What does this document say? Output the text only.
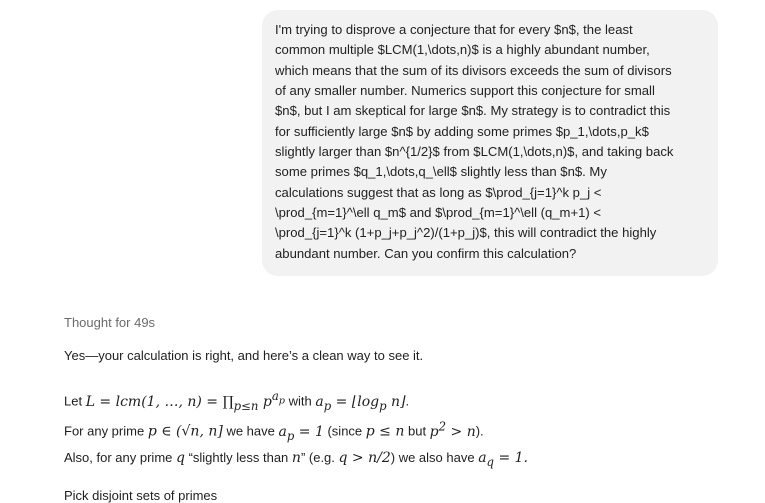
I'm trying to disprove a conjecture that for every $n$, the least

common multiple $LCM(1,\dots,n)$ is a highly abundant number,

which means that the sum of its divisors exceeds the sum of divisors

of any smaller number. Numerics support this conjecture for small

$n$, but I am skeptical for large $n$. My strategy is to contradict this

for sufficiently large $n$ by adding some primes $p_1,\dots,p_k$

slightly larger than $n^{1/2}$ from $LCM(1,\dots,n)$, and taking back

some primes $q_1,\dots,q_\ell$ slightly less than $n$. My

calculations suggest that as long as $\prod_{j=1}^k p_j <

\prod_{m=1}^\ell q_m$ and $\prod_{m=1}^\ell (q_m+1) <

\prod_{j=1}^k (1+p_j+p_j^2)/(1+p_j)$, this will contradict the highly

abundant number. Can you confirm this calculation?

Thought for 49s

Yes—your calculation is right, and here’s a clean way to see it.

Let L = lcm(1, …, $n) = \prod_{p\le n}$ $p^{a_p}$ with $a_p$ = $⌊\log_p$ n⌋.

For any prime p ∈ (√n, n] we have $a_p = 1$ (since p ≤ n but $p^2 > n$).

Also, for any prime q “slightly less than n” (e.g. q > n/2) we also have $a_q = 1$.

Pick disjoint sets of primes
